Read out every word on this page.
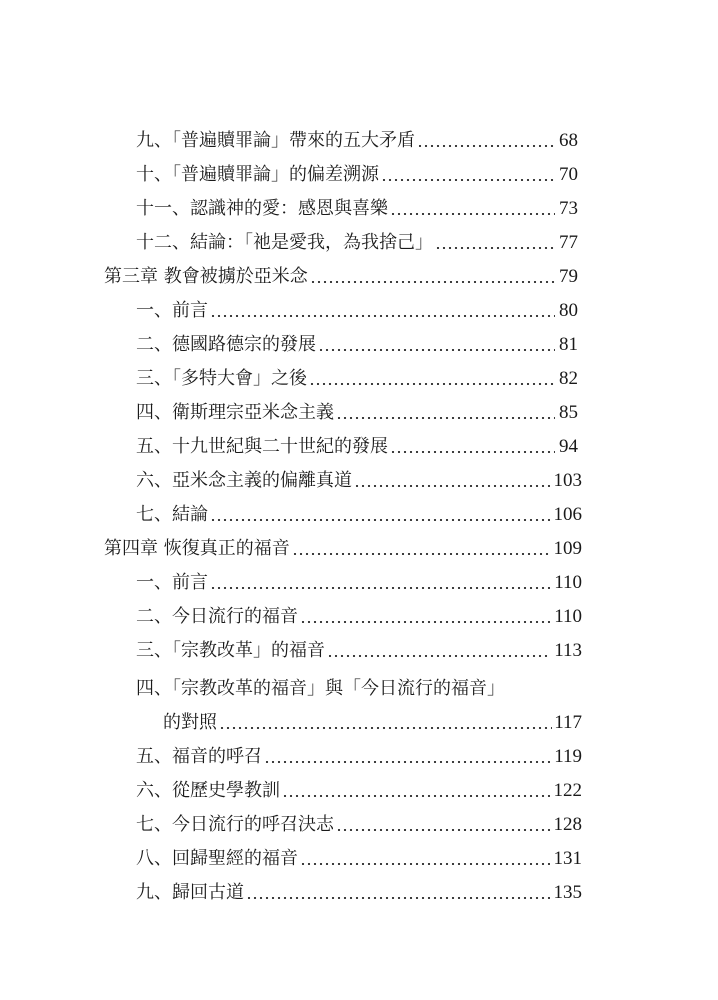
九、「普遍贖罪論」帶來的五大矛盾	68
十、「普遍贖罪論」的偏差溯源	70
十一、認識神的愛：感恩與喜樂	73
十二、結論：「祂是愛我，為我捨己」	77
第三章 教會被擄於亞米念	79
一、前言	80
二、德國路德宗的發展	81
三、「多特大會」之後	82
四、衛斯理宗亞米念主義	85
五、十九世紀與二十世紀的發展	94
六、亞米念主義的偏離真道	103
七、結論	106
第四章 恢復真正的福音	109
一、前言	110
二、今日流行的福音	110
三、「宗教改革」的福音	113
四、「宗教改革的福音」與「今日流行的福音」
的對照	117
五、福音的呼召	119
六、從歷史學教訓	122
七、今日流行的呼召決志	128
八、回歸聖經的福音	131
九、歸回古道	135
